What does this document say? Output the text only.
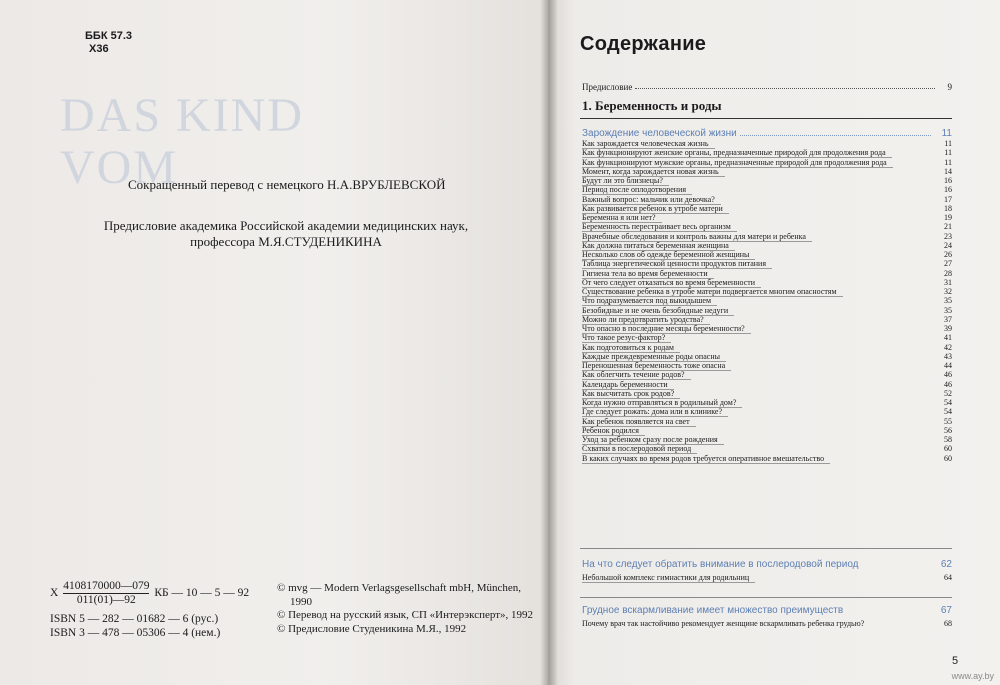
DAS KIND
VOM
ББК 57.3
Х36
Сокращенный перевод с немецкого Н.А.ВРУБЛЕВСКОЙ
Предисловие академика Российской академии медицинских наук,
профессора М.Я.СТУДЕНИКИНА
Х $\frac{4108170000—079}{011(01)—92}$ КБ — 10 — 5 — 92
ISBN 5 — 282 — 01682 — 6 (рус.)
ISBN 3 — 478 — 05306 — 4 (нем.)
© mvg — Modern Verlagsgesellschaft mbH, München,
1990
© Перевод на русский язык, СП «Интерэксперт», 1992
© Предисловие Студеникина М.Я., 1992
Содержание
Предисловие	9
1. Беременность и роды
Зарождение человеческой жизни	11
Как зарождается человеческая жизнь	11
Как функционируют женские органы, предназначенные природой для продолжения рода	11
Как функционируют мужские органы, предназначенные природой для продолжения рода	11
Момент, когда зарождается новая жизнь	14
Будут ли это близнецы?	16
Период после оплодотворения	16
Важный вопрос: мальчик или девочка?	17
Как развивается ребенок в утробе матери	18
Беременна я или нет?	19
Беременность перестраивает весь организм	21
Врачебные обследования и контроль важны для матери и ребенка	23
Как должна питаться беременная женщина	24
Несколько слов об одежде беременной женщины	26
Таблица энергетической ценности продуктов питания	27
Гигиена тела во время беременности	28
От чего следует отказаться во время беременности	31
Существование ребенка в утробе матери подвергается многим опасностям	32
Что подразумевается под выкидышем	35
Безобидные и не очень безобидные недуги	35
Можно ли предотвратить уродства?	37
Что опасно в последние месяцы беременности?	39
Что такое резус-фактор?	41
Как подготовиться к родам	42
Каждые преждевременные роды опасны	43
Переношенная беременность тоже опасна	44
Как облегчить течение родов?	46
Календарь беременности	46
Как высчитать срок родов?	52
Когда нужно отправляться в родильный дом?	54
Где следует рожать: дома или в клинике?	54
Как ребенок появляется на свет	55
Ребенок родился	56
Уход за ребенком сразу после рождения	58
Схватки в послеродовой период	60
В каких случаях во время родов требуется оперативное вмешательство	60
На что следует обратить внимание в послеродовой период	62
Небольшой комплекс гимнастики для родильниц	64
Грудное вскармливание имеет множество преимуществ	67
Почему врач так настойчиво рекомендует женщине вскармливать ребенка грудью?	68
5
www.ay.by
